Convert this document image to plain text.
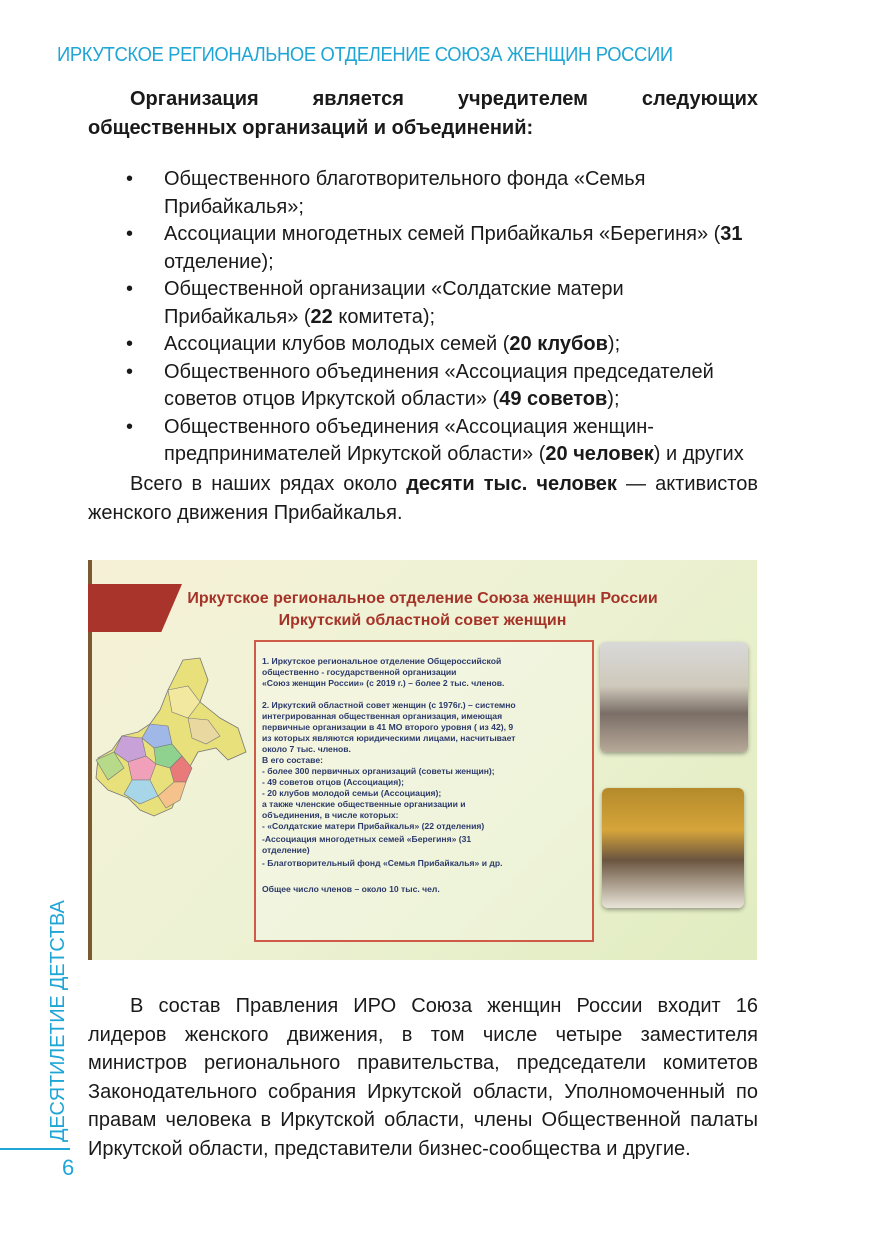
ИРКУТСКОЕ РЕГИОНАЛЬНОЕ ОТДЕЛЕНИЕ СОЮЗА ЖЕНЩИН РОССИИ
Организация является учредителем следующих общественных организаций и объединений:
• Общественного благотворительного фонда «Семья Прибайкалья»;
• Ассоциации многодетных семей Прибайкалья «Берегиня» (31 отделение);
• Общественной организации «Солдатские матери Прибайкалья» (22 комитета);
• Ассоциации клубов молодых семей (20 клубов);
• Общественного объединения «Ассоциация председателей советов отцов Иркутской области» (49 советов);
• Общественного объединения «Ассоциация женщин-предпринимателей Иркутской области» (20 человек) и других
Всего в наших рядах около десяти тыс. человек — активистов женского движения Прибайкалья.
Иркутское региональное отделение Союза женщин России
Иркутский областной совет женщин
1. Иркутское региональное отделение Общероссийской
общественно - государственной организации
«Союз женщин России» (с 2019 г.) – более 2 тыс. членов.
2. Иркутский областной совет женщин (с 1976г.) – системно
интегрированная общественная организация, имеющая
первичные организации в 41 МО второго уровня ( из 42), 9
из которых являются юридическими лицами, насчитывает
около 7 тыс. членов.
В его составе:
- более 300 первичных организаций (советы женщин);
- 49 советов отцов (Ассоциация);
- 20 клубов молодой семьи (Ассоциация);
а также членские общественные организации и
объединения, в числе которых:
- «Солдатские матери Прибайкалья» (22 отделения)
-Ассоциация многодетных семей «Берегиня» (31
отделение)
- Благотворительный фонд «Семья Прибайкалья» и др.
Общее число членов – около 10 тыс. чел.
В состав Правления ИРО Союза женщин России входит 16 лидеров женского движения, в том числе четыре заместителя министров регионального правительства, председатели комитетов Законодательного собрания Иркутской области, Уполномоченный по правам человека в Иркутской области, члены Общественной палаты Иркутской области, представители бизнес-сообщества и другие.
ДЕСЯТИЛЕТИЕ ДЕТСТВА
6
